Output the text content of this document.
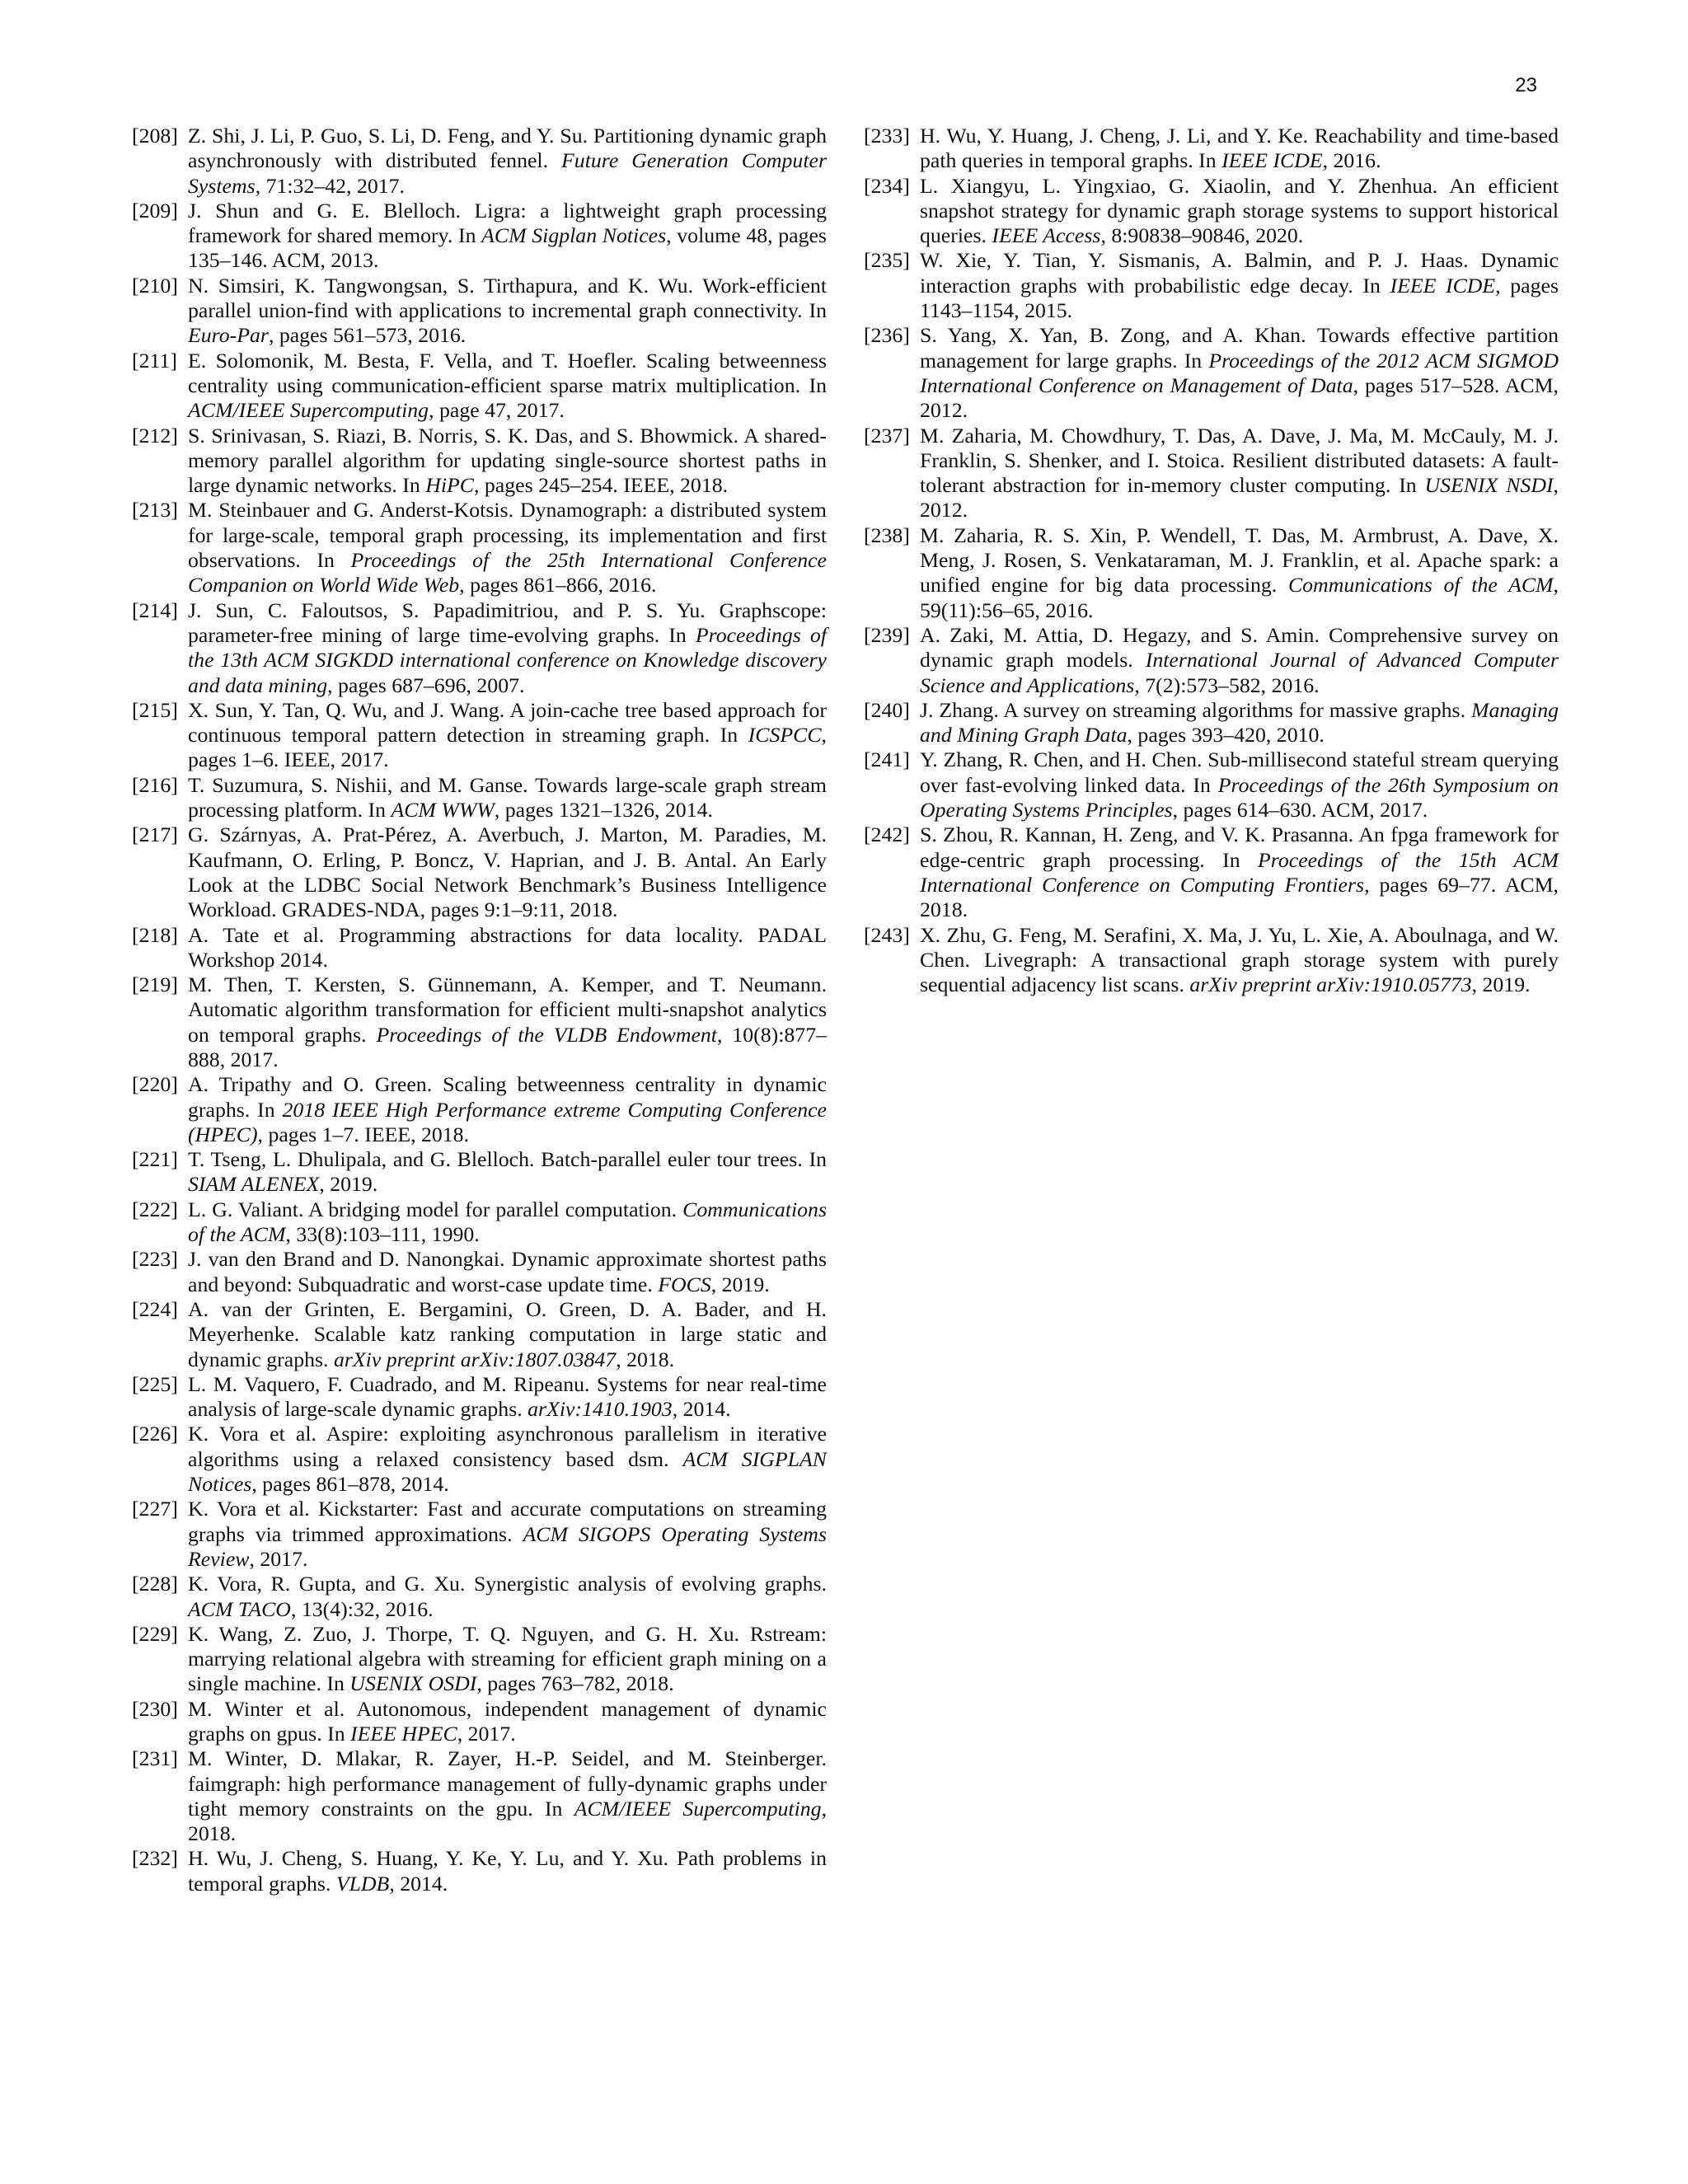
23
[208] Z. Shi, J. Li, P. Guo, S. Li, D. Feng, and Y. Su. Partitioning dynamic graph asynchronously with distributed fennel. Future Generation Computer Systems, 71:32–42, 2017.
[209] J. Shun and G. E. Blelloch. Ligra: a lightweight graph processing framework for shared memory. In ACM Sigplan Notices, volume 48, pages 135–146. ACM, 2013.
[210] N. Simsiri, K. Tangwongsan, S. Tirthapura, and K. Wu. Work-efficient parallel union-find with applications to incremental graph connectivity. In Euro-Par, pages 561–573, 2016.
[211] E. Solomonik, M. Besta, F. Vella, and T. Hoefler. Scaling betweenness centrality using communication-efficient sparse matrix multiplication. In ACM/IEEE Supercomputing, page 47, 2017.
[212] S. Srinivasan, S. Riazi, B. Norris, S. K. Das, and S. Bhowmick. A shared-memory parallel algorithm for updating single-source shortest paths in large dynamic networks. In HiPC, pages 245–254. IEEE, 2018.
[213] M. Steinbauer and G. Anderst-Kotsis. Dynamograph: a distributed system for large-scale, temporal graph processing, its implementation and first observations. In Proceedings of the 25th International Conference Companion on World Wide Web, pages 861–866, 2016.
[214] J. Sun, C. Faloutsos, S. Papadimitriou, and P. S. Yu. Graphscope: parameter-free mining of large time-evolving graphs. In Proceedings of the 13th ACM SIGKDD international conference on Knowledge discovery and data mining, pages 687–696, 2007.
[215] X. Sun, Y. Tan, Q. Wu, and J. Wang. A join-cache tree based approach for continuous temporal pattern detection in streaming graph. In ICSPCC, pages 1–6. IEEE, 2017.
[216] T. Suzumura, S. Nishii, and M. Ganse. Towards large-scale graph stream processing platform. In ACM WWW, pages 1321–1326, 2014.
[217] G. Szárnyas, A. Prat-Pérez, A. Averbuch, J. Marton, M. Paradies, M. Kaufmann, O. Erling, P. Boncz, V. Haprian, and J. B. Antal. An Early Look at the LDBC Social Network Benchmark’s Business Intelligence Workload. GRADES-NDA, pages 9:1–9:11, 2018.
[218] A. Tate et al. Programming abstractions for data locality. PADAL Workshop 2014.
[219] M. Then, T. Kersten, S. Günnemann, A. Kemper, and T. Neumann. Automatic algorithm transformation for efficient multi-snapshot analytics on temporal graphs. Proceedings of the VLDB Endowment, 10(8):877–888, 2017.
[220] A. Tripathy and O. Green. Scaling betweenness centrality in dynamic graphs. In 2018 IEEE High Performance extreme Computing Conference (HPEC), pages 1–7. IEEE, 2018.
[221] T. Tseng, L. Dhulipala, and G. Blelloch. Batch-parallel euler tour trees. In SIAM ALENEX, 2019.
[222] L. G. Valiant. A bridging model for parallel computation. Communications of the ACM, 33(8):103–111, 1990.
[223] J. van den Brand and D. Nanongkai. Dynamic approximate shortest paths and beyond: Subquadratic and worst-case update time. FOCS, 2019.
[224] A. van der Grinten, E. Bergamini, O. Green, D. A. Bader, and H. Meyerhenke. Scalable katz ranking computation in large static and dynamic graphs. arXiv preprint arXiv:1807.03847, 2018.
[225] L. M. Vaquero, F. Cuadrado, and M. Ripeanu. Systems for near real-time analysis of large-scale dynamic graphs. arXiv:1410.1903, 2014.
[226] K. Vora et al. Aspire: exploiting asynchronous parallelism in iterative algorithms using a relaxed consistency based dsm. ACM SIGPLAN Notices, pages 861–878, 2014.
[227] K. Vora et al. Kickstarter: Fast and accurate computations on streaming graphs via trimmed approximations. ACM SIGOPS Operating Systems Review, 2017.
[228] K. Vora, R. Gupta, and G. Xu. Synergistic analysis of evolving graphs. ACM TACO, 13(4):32, 2016.
[229] K. Wang, Z. Zuo, J. Thorpe, T. Q. Nguyen, and G. H. Xu. Rstream: marrying relational algebra with streaming for efficient graph mining on a single machine. In USENIX OSDI, pages 763–782, 2018.
[230] M. Winter et al. Autonomous, independent management of dynamic graphs on gpus. In IEEE HPEC, 2017.
[231] M. Winter, D. Mlakar, R. Zayer, H.-P. Seidel, and M. Steinberger. faimgraph: high performance management of fully-dynamic graphs under tight memory constraints on the gpu. In ACM/IEEE Supercomputing, 2018.
[232] H. Wu, J. Cheng, S. Huang, Y. Ke, Y. Lu, and Y. Xu. Path problems in temporal graphs. VLDB, 2014.
[233] H. Wu, Y. Huang, J. Cheng, J. Li, and Y. Ke. Reachability and time-based path queries in temporal graphs. In IEEE ICDE, 2016.
[234] L. Xiangyu, L. Yingxiao, G. Xiaolin, and Y. Zhenhua. An efficient snapshot strategy for dynamic graph storage systems to support historical queries. IEEE Access, 8:90838–90846, 2020.
[235] W. Xie, Y. Tian, Y. Sismanis, A. Balmin, and P. J. Haas. Dynamic interaction graphs with probabilistic edge decay. In IEEE ICDE, pages 1143–1154, 2015.
[236] S. Yang, X. Yan, B. Zong, and A. Khan. Towards effective partition management for large graphs. In Proceedings of the 2012 ACM SIGMOD International Conference on Management of Data, pages 517–528. ACM, 2012.
[237] M. Zaharia, M. Chowdhury, T. Das, A. Dave, J. Ma, M. McCauly, M. J. Franklin, S. Shenker, and I. Stoica. Resilient distributed datasets: A fault-tolerant abstraction for in-memory cluster computing. In USENIX NSDI, 2012.
[238] M. Zaharia, R. S. Xin, P. Wendell, T. Das, M. Armbrust, A. Dave, X. Meng, J. Rosen, S. Venkataraman, M. J. Franklin, et al. Apache spark: a unified engine for big data processing. Communications of the ACM, 59(11):56–65, 2016.
[239] A. Zaki, M. Attia, D. Hegazy, and S. Amin. Comprehensive survey on dynamic graph models. International Journal of Advanced Computer Science and Applications, 7(2):573–582, 2016.
[240] J. Zhang. A survey on streaming algorithms for massive graphs. Managing and Mining Graph Data, pages 393–420, 2010.
[241] Y. Zhang, R. Chen, and H. Chen. Sub-millisecond stateful stream querying over fast-evolving linked data. In Proceedings of the 26th Symposium on Operating Systems Principles, pages 614–630. ACM, 2017.
[242] S. Zhou, R. Kannan, H. Zeng, and V. K. Prasanna. An fpga framework for edge-centric graph processing. In Proceedings of the 15th ACM International Conference on Computing Frontiers, pages 69–77. ACM, 2018.
[243] X. Zhu, G. Feng, M. Serafini, X. Ma, J. Yu, L. Xie, A. Aboulnaga, and W. Chen. Livegraph: A transactional graph storage system with purely sequential adjacency list scans. arXiv preprint arXiv:1910.05773, 2019.
